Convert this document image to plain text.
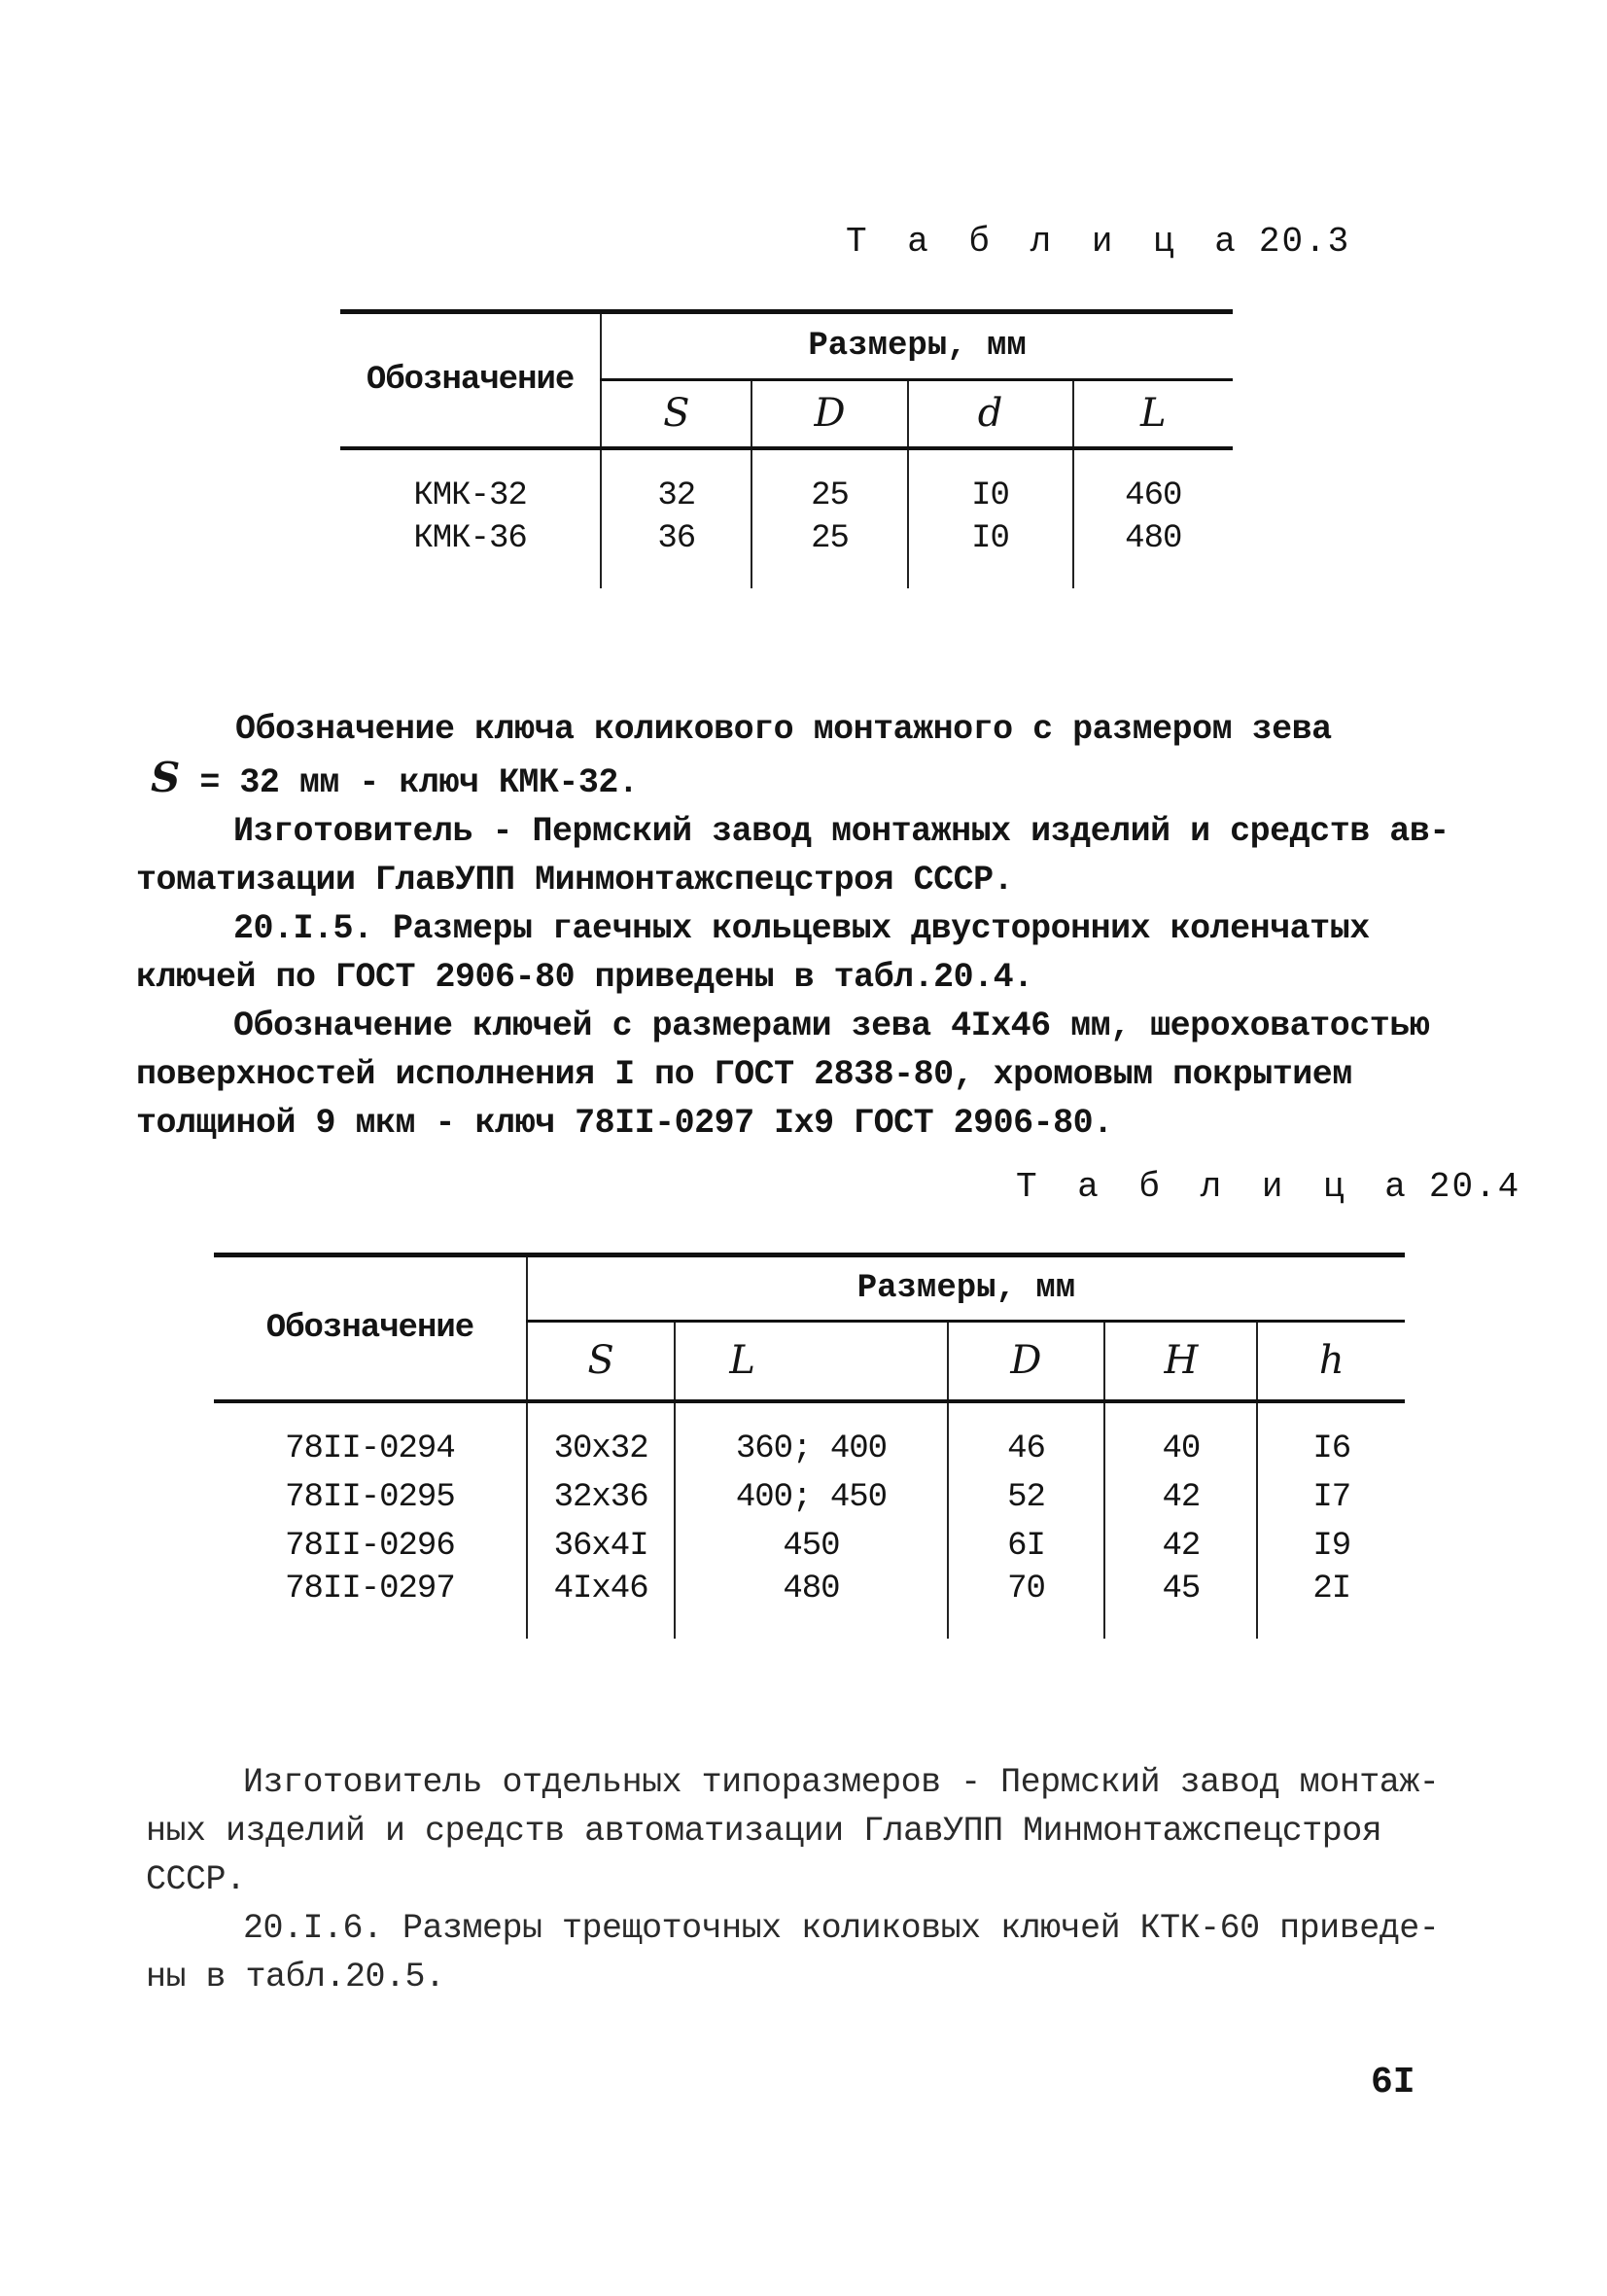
Т а б л и ц а 20.3
Обозначение	Размеры, мм			
	S	D	d	L
КМК-32	32	25	I0	460
КМК-36	36	25	I0	480
Обозначение ключа коликового монтажного с размером зева
S = 32 мм - ключ КМК-32.
Изготовитель - Пермский завод монтажных изделий и средств ав-
томатизации ГлавУПП Минмонтажспецстроя СССР.
20.I.5. Размеры гаечных кольцевых двусторонних коленчатых
ключей по ГОСТ 2906-80 приведены в табл.20.4.
Обозначение ключей с размерами зева 4Iх46 мм, шероховатостью
поверхностей исполнения I по ГОСТ 2838-80, хромовым покрытием
толщиной 9 мкм - ключ 78II-0297 Iх9 ГОСТ 2906-80.
Т а б л и ц а 20.4
Обозначение	Размеры, мм				
	S	L	D	H	h
78II-0294	30х32	360; 400	46	40	I6
78II-0295	32х36	400; 450	52	42	I7
78II-0296	36х4I	450	6I	42	I9
78II-0297	4Iх46	480	70	45	2I
Изготовитель отдельных типоразмеров - Пермский завод монтаж-
ных изделий и средств автоматизации ГлавУПП Минмонтажспецстроя
СССР.
20.I.6. Размеры трещоточных коликовых ключей КТК-60 приведе-
ны в табл.20.5.
6I
